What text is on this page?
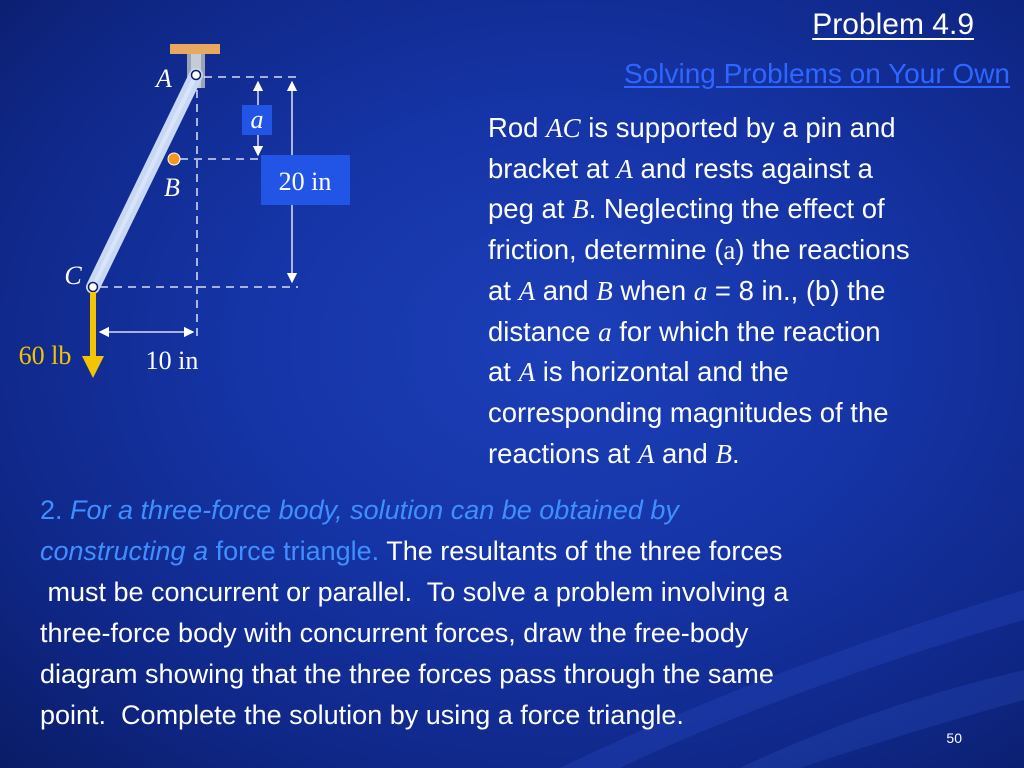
Problem 4.9
Solving Problems on Your Own
a
20 in
10 in
60 lb
A
B
C
Rod AC is supported by a pin and
bracket at A and rests against a
peg at B. Neglecting the effect of
friction, determine (a) the reactions
at A and B when a = 8 in., (b) the
distance a for which the reaction
at A is horizontal and the
corresponding magnitudes of the
reactions at A and B.
2. For a three-force body, solution can be obtained by
constructing a force triangle. The resultants of the three forces
must be concurrent or parallel.  To solve a problem involving a
three-force body with concurrent forces, draw the free-body
diagram showing that the three forces pass through the same
point.  Complete the solution by using a force triangle.
50
